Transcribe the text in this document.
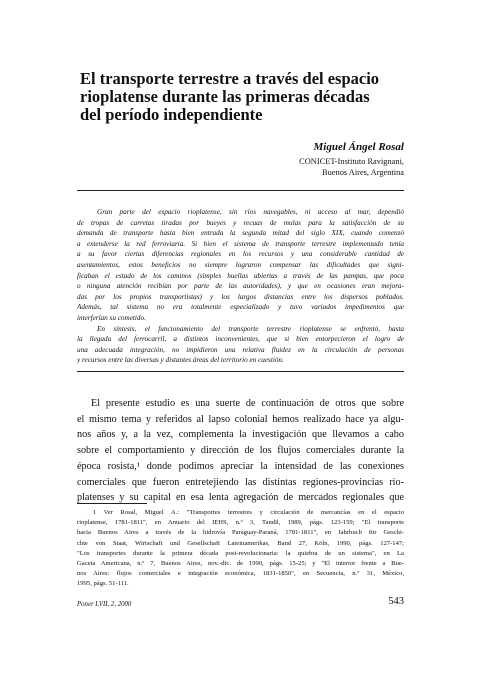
El transporte terrestre a través del espacio
rioplatense durante las primeras décadas
del período independiente
Miguel Ángel Rosal
CONICET-Instituto Ravignani,
Buenos Aires, Argentina
Gran parte del espacio rioplatense, sin ríos navegables, ni acceso al mar, dependió
de tropas de carretas tiradas por bueyes y recuas de mulas para la satisfacción de su
demanda de transporte hasta bien entrada la segunda mitad del siglo XIX, cuando comenzó
a extenderse la red ferroviaria. Si bien el sistema de transporte terrestre implementado tenía
a su favor ciertas diferencias regionales en los recursos y una considerable cantidad de
asentamientos, estos beneficios no siempre lograron compensar las dificultades que signi-
ficaban el estado de los caminos (simples huellas abiertas a través de las pampas, que poca
o ninguna atención recibían por parte de las autoridades), y que en ocasiones eran mejora-
das por los propios transportistas) y los largos distancias entre los dispersos poblados.
Además, tal sistema no era totalmente especializado y tuvo variados impedimentos que
interferían su cometido.
En síntesis, el funcionamiento del transporte terrestre rioplatense se enfrentó, hasta
la llegada del ferrocarril, a distintos inconvenientes, que si bien entorpecieron el logro de
una adecuada integración, no impidieron una relativa fluidez en la circulación de personas
y recursos entre las diversas y distantes áreas del territorio en cuestión.
El presente estudio es una suerte de continuación de otros que sobre
el mismo tema y referidos al lapso colonial hemos realizado hace ya algu-
nos años y, a la vez, complementa la investigación que llevamos a cabo
sobre el comportamiento y dirección de los flujos comerciales durante la
época rosista,¹ donde podimos apreciar la intensidad de las conexiones
comerciales que fueron entretejiendo las distintas regiones-provincias rio-
platenses y su capital en esa lenta agregación de mercados regionales que
1 Ver Rosal, Miguel A.: "Transportes terrestres y circulación de mercancías en el espacio
rioplatense, 1781-1811", en Anuario del IEHS, n.º 3, Tandil, 1989, págs. 123-159; "El transporte
hacia Buenos Aires a través de la hidrovía Paraguay-Paraná, 1781-1811", en Jahrbuch für Geschi-
chte von Staat, Wirtschaft und Gesellschaft Lateinamerikas, Band 27, Köln, 1990, págs. 127-147;
"Los transportes durante la primera década post-revolucionaria: la quiebra de un sistema", en La
Gaceta Americana, n.º 7, Buenos Aires, nov.-dic. de 1990, págs. 15-25; y "El interior frente a Bue-
nos Aires: flujos comerciales e integración económica, 1831-1850", en Secuencia, n.º 31, México,
1995, págs. 51-111.
Poner LVII, 2, 2000	543
